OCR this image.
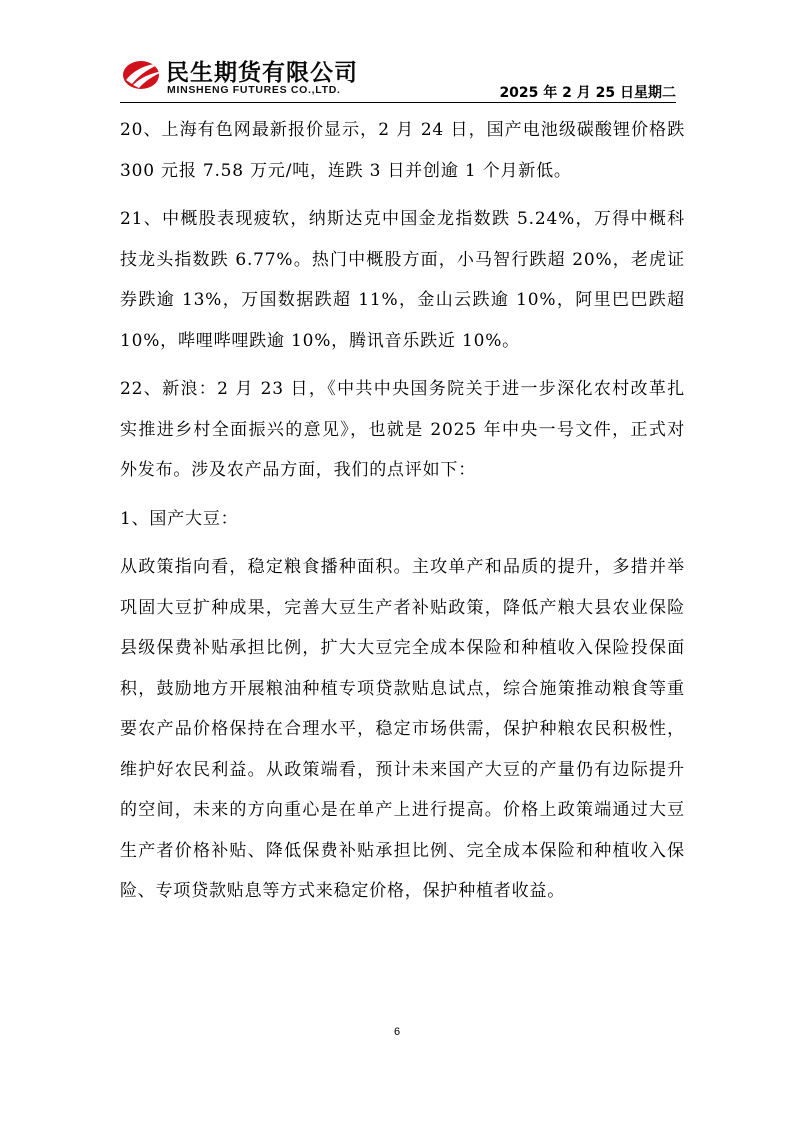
民生期货有限公司
MINSHENG FUTURES CO.,LTD.	2025 年 2 月 25 日星期二

20、上海有色网最新报价显示，2 月 24 日，国产电池级碳酸锂价格跌 300 元报 7.58 万元/吨，连跌 3 日并创逾 1 个月新低。

21、中概股表现疲软，纳斯达克中国金龙指数跌 5.24%，万得中概科技龙头指数跌 6.77%。热门中概股方面，小马智行跌超 20%，老虎证券跌逾 13%，万国数据跌超 11%，金山云跌逾 10%，阿里巴巴跌超 10%，哔哩哔哩跌逾 10%，腾讯音乐跌近 10%。

22、新浪：2 月 23 日，《中共中央国务院关于进一步深化农村改革扎实推进乡村全面振兴的意见》，也就是 2025 年中央一号文件，正式对外发布。涉及农产品方面，我们的点评如下：

1、国产大豆：

从政策指向看，稳定粮食播种面积。主攻单产和品质的提升，多措并举巩固大豆扩种成果，完善大豆生产者补贴政策，降低产粮大县农业保险县级保费补贴承担比例，扩大大豆完全成本保险和种植收入保险投保面积，鼓励地方开展粮油种植专项贷款贴息试点，综合施策推动粮食等重要农产品价格保持在合理水平，稳定市场供需，保护种粮农民积极性，维护好农民利益。从政策端看，预计未来国产大豆的产量仍有边际提升的空间，未来的方向重心是在单产上进行提高。价格上政策端通过大豆生产者价格补贴、降低保费补贴承担比例、完全成本保险和种植收入保险、专项贷款贴息等方式来稳定价格，保护种植者收益。

6
